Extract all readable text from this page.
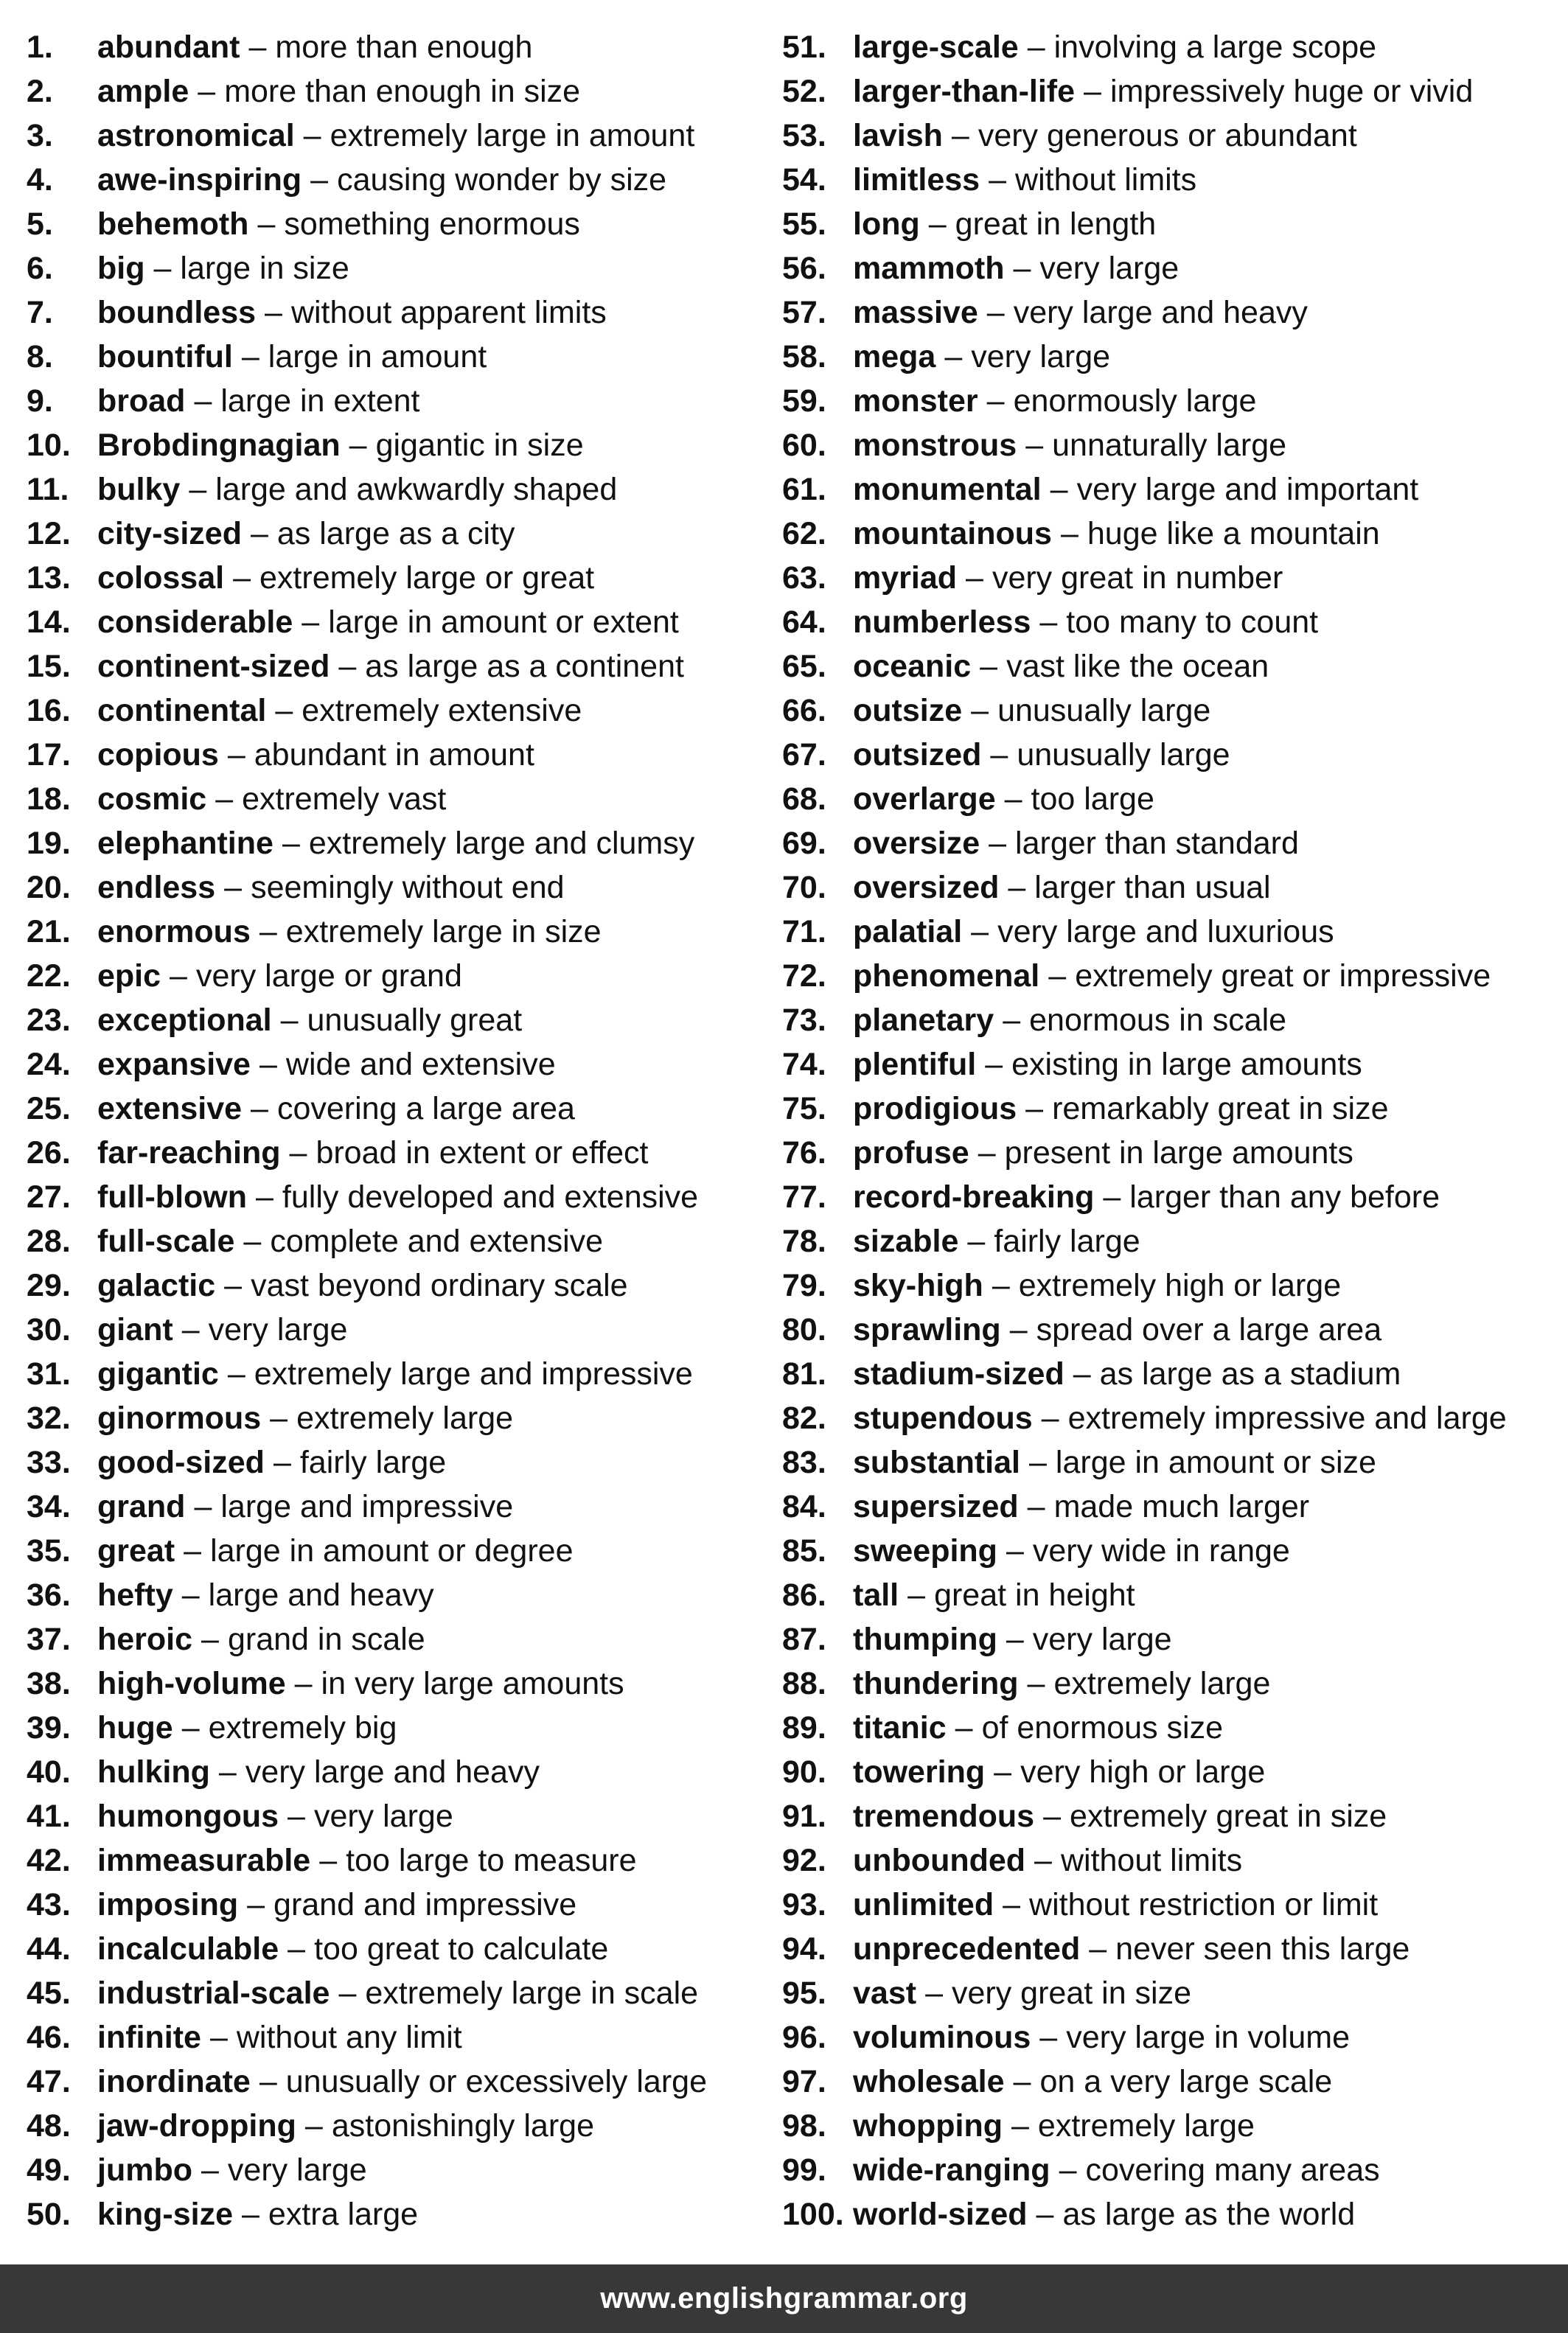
1.	abundant – more than enough
2.	ample – more than enough in size
3.	astronomical – extremely large in amount
4.	awe-inspiring – causing wonder by size
5.	behemoth – something enormous
6.	big – large in size
7.	boundless – without apparent limits
8.	bountiful – large in amount
9.	broad – large in extent
10. Brobdingnagian – gigantic in size
11. bulky – large and awkwardly shaped
12. city-sized – as large as a city
13. colossal – extremely large or great
14. considerable – large in amount or extent
15. continent-sized – as large as a continent
16. continental – extremely extensive
17. copious – abundant in amount
18. cosmic – extremely vast
19. elephantine – extremely large and clumsy
20. endless – seemingly without end
21. enormous – extremely large in size
22. epic – very large or grand
23. exceptional – unusually great
24. expansive – wide and extensive
25. extensive – covering a large area
26. far-reaching – broad in extent or effect
27. full-blown – fully developed and extensive
28. full-scale – complete and extensive
29. galactic – vast beyond ordinary scale
30. giant – very large
31. gigantic – extremely large and impressive
32. ginormous – extremely large
33. good-sized – fairly large
34. grand – large and impressive
35. great – large in amount or degree
36. hefty – large and heavy
37. heroic – grand in scale
38. high-volume – in very large amounts
39. huge – extremely big
40. hulking – very large and heavy
41. humongous – very large
42. immeasurable – too large to measure
43. imposing – grand and impressive
44. incalculable – too great to calculate
45. industrial-scale – extremely large in scale
46. infinite – without any limit
47. inordinate – unusually or excessively large
48. jaw-dropping – astonishingly large
49. jumbo – very large
50. king-size – extra large
51. large-scale – involving a large scope
52. larger-than-life – impressively huge or vivid
53. lavish – very generous or abundant
54. limitless – without limits
55. long – great in length
56. mammoth – very large
57. massive – very large and heavy
58. mega – very large
59. monster – enormously large
60. monstrous – unnaturally large
61. monumental – very large and important
62. mountainous – huge like a mountain
63. myriad – very great in number
64. numberless – too many to count
65. oceanic – vast like the ocean
66. outsize – unusually large
67. outsized – unusually large
68. overlarge – too large
69. oversize – larger than standard
70. oversized – larger than usual
71. palatial – very large and luxurious
72. phenomenal – extremely great or impressive
73. planetary – enormous in scale
74. plentiful – existing in large amounts
75. prodigious – remarkably great in size
76. profuse – present in large amounts
77. record-breaking – larger than any before
78. sizable – fairly large
79. sky-high – extremely high or large
80. sprawling – spread over a large area
81. stadium-sized – as large as a stadium
82. stupendous – extremely impressive and large
83. substantial – large in amount or size
84. supersized – made much larger
85. sweeping – very wide in range
86. tall – great in height
87. thumping – very large
88. thundering – extremely large
89. titanic – of enormous size
90. towering – very high or large
91. tremendous – extremely great in size
92. unbounded – without limits
93. unlimited – without restriction or limit
94. unprecedented – never seen this large
95. vast – very great in size
96. voluminous – very large in volume
97. wholesale – on a very large scale
98. whopping – extremely large
99. wide-ranging – covering many areas
100. world-sized – as large as the world
www.englishgrammar.org
